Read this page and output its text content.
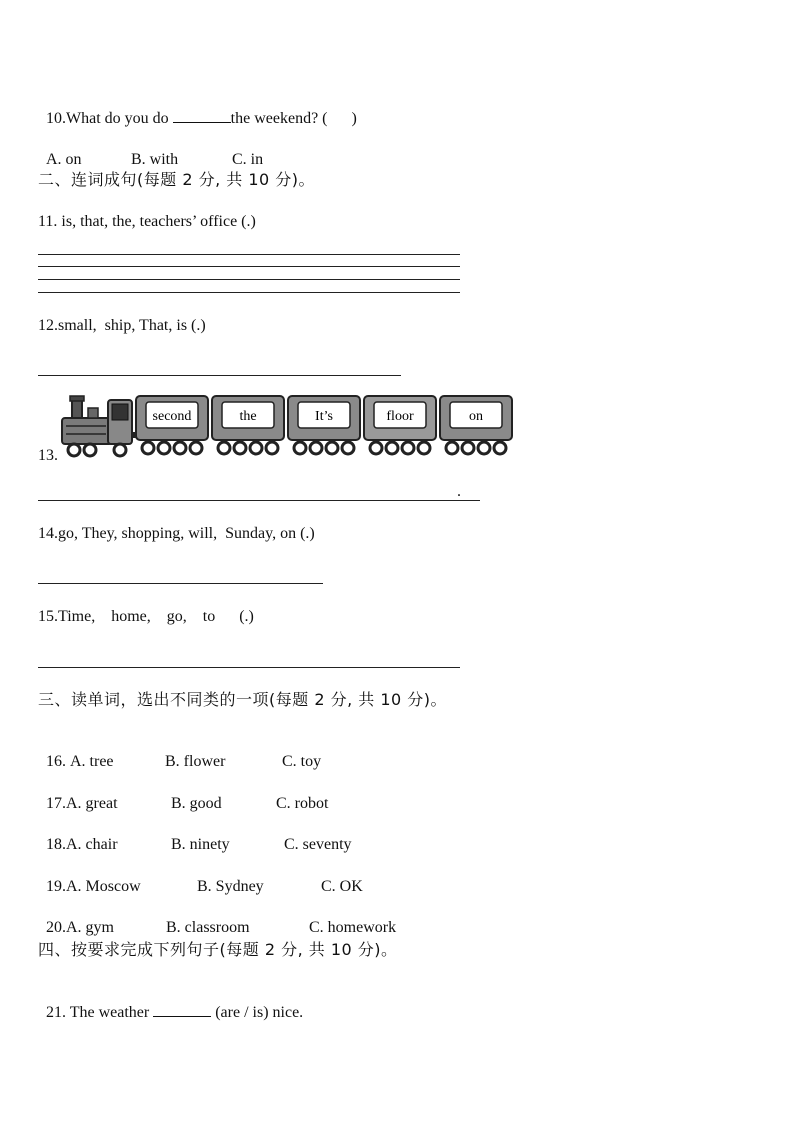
10.What do you do	the weekend? (      )

A. on	B. with	C. in

二、连词成句(每题 2 分, 共 10 分)。
11. is, that, the, teachers’ office (.)
12.small,  ship, That, is (.)
13.
second	the	It’s	floor	on
.
14.go, They, shopping, will,  Sunday, on (.)
15.Time,    home,    go,    to      (.)
三、读单词，选出不同类的一项(每题 2 分, 共 10 分)。

16. A. tree	B. flower	C. toy

17.A. great	B. good	C. robot

18.A. chair	B. ninety	C. seventy

19.A. Moscow	B. Sydney	C. OK

20.A. gym	B. classroom	C. homework

四、按要求完成下列句子(每题 2 分, 共 10 分)。

21. The weather	(are / is) nice.
